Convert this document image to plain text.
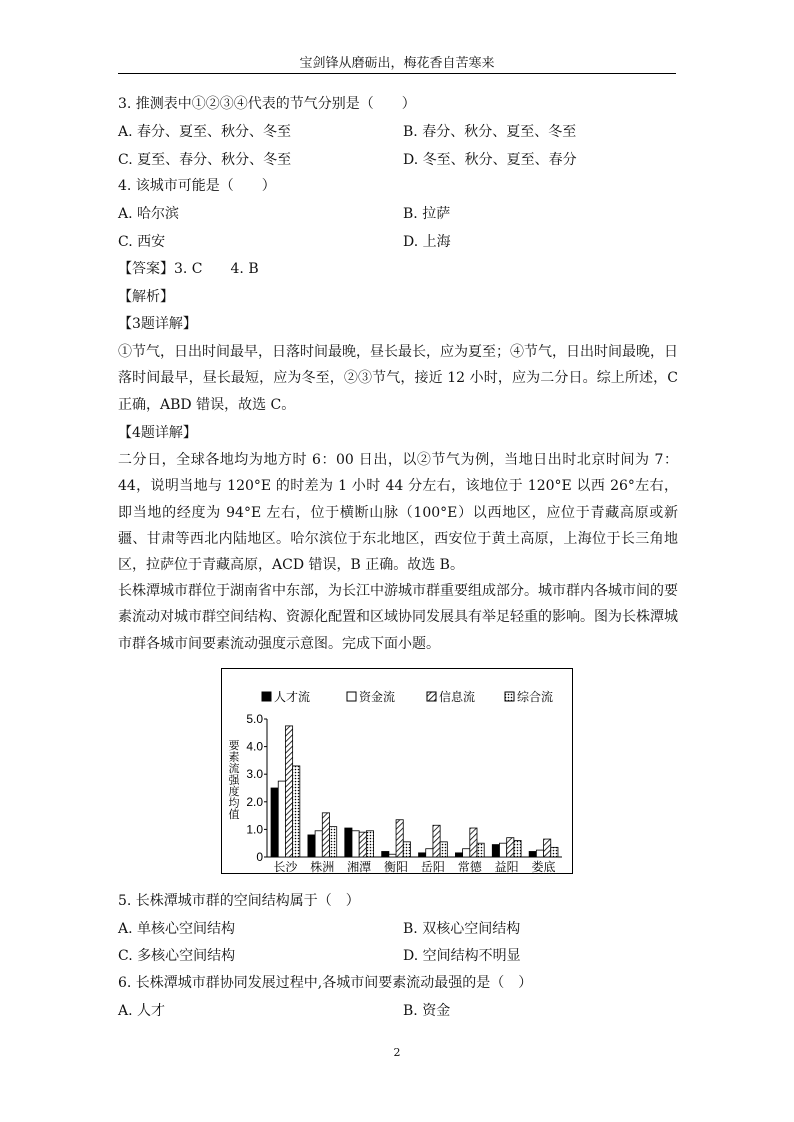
宝剑锋从磨砺出，梅花香自苦寒来
3. 推测表中①②③④代表的节气分别是（　　）
A. 春分、夏至、秋分、冬至	B. 春分、秋分、夏至、冬至
C. 夏至、春分、秋分、冬至	D. 冬至、秋分、夏至、春分
4. 该城市可能是（　　）
A. 哈尔滨	B. 拉萨
C. 西安	D. 上海
【答案】3. C　　4. B
【解析】
【3题详解】
①节气，日出时间最早，日落时间最晚，昼长最长，应为夏至；④节气，日出时间最晚，日落时间最早，昼长最短，应为冬至，②③节气，接近 12 小时，应为二分日。综上所述，C 正确，ABD 错误，故选 C。
【4题详解】
二分日，全球各地均为地方时 6：00 日出，以②节气为例，当地日出时北京时间为 7：44，说明当地与 120°E 的时差为 1 小时 44 分左右，该地位于 120°E 以西 26°左右，即当地的经度为 94°E 左右，位于横断山脉（100°E）以西地区，应位于青藏高原或新疆、甘肃等西北内陆地区。哈尔滨位于东北地区，西安位于黄土高原，上海位于长三角地区，拉萨位于青藏高原，ACD 错误，B 正确。故选 B。
长株潭城市群位于湖南省中东部，为长江中游城市群重要组成部分。城市群内各城市间的要素流动对城市群空间结构、资源化配置和区域协同发展具有举足轻重的影响。图为长株潭城市群各城市间要素流动强度示意图。完成下面小题。
人才流	资金流	信息流	综合流
0
1.0
2.0
3.0
4.0
5.0
长沙 株洲 湘潭 衡阳 岳阳 常德 益阳 娄底
要
素
流
强
度
均
值
5. 长株潭城市群的空间结构属于（　）
A. 单核心空间结构	B. 双核心空间结构
C. 多核心空间结构	D. 空间结构不明显
6. 长株潭城市群协同发展过程中,各城市间要素流动最强的是（　）
A. 人才	B. 资金
2
